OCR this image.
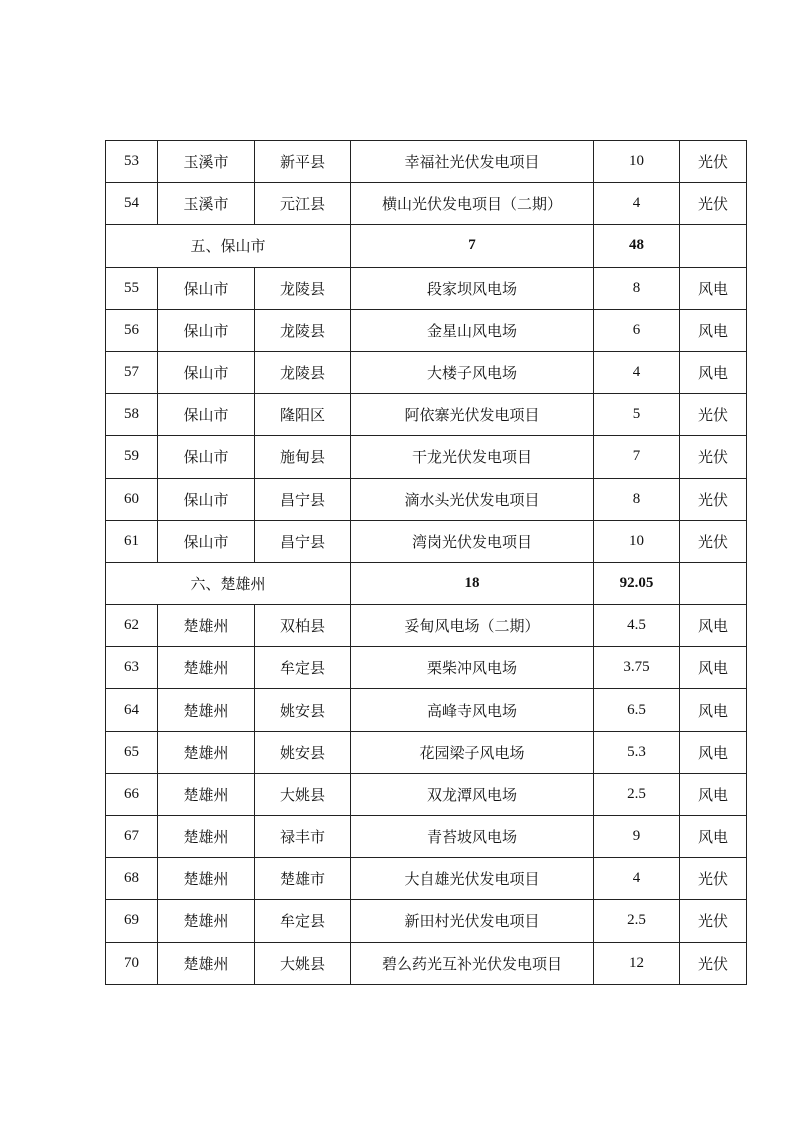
53	玉溪市	新平县	幸福社光伏发电项目	10	光伏
54	玉溪市	元江县	横山光伏发电项目（二期）	4	光伏
五、保山市			7	48	
55	保山市	龙陵县	段家坝风电场	8	风电
56	保山市	龙陵县	金星山风电场	6	风电
57	保山市	龙陵县	大楼子风电场	4	风电
58	保山市	隆阳区	阿依寨光伏发电项目	5	光伏
59	保山市	施甸县	干龙光伏发电项目	7	光伏
60	保山市	昌宁县	滴水头光伏发电项目	8	光伏
61	保山市	昌宁县	湾岗光伏发电项目	10	光伏
六、楚雄州			18	92.05	
62	楚雄州	双柏县	妥甸风电场（二期）	4.5	风电
63	楚雄州	牟定县	栗柴冲风电场	3.75	风电
64	楚雄州	姚安县	高峰寺风电场	6.5	风电
65	楚雄州	姚安县	花园梁子风电场	5.3	风电
66	楚雄州	大姚县	双龙潭风电场	2.5	风电
67	楚雄州	禄丰市	青苔坡风电场	9	风电
68	楚雄州	楚雄市	大自雄光伏发电项目	4	光伏
69	楚雄州	牟定县	新田村光伏发电项目	2.5	光伏
70	楚雄州	大姚县	碧么药光互补光伏发电项目	12	光伏
